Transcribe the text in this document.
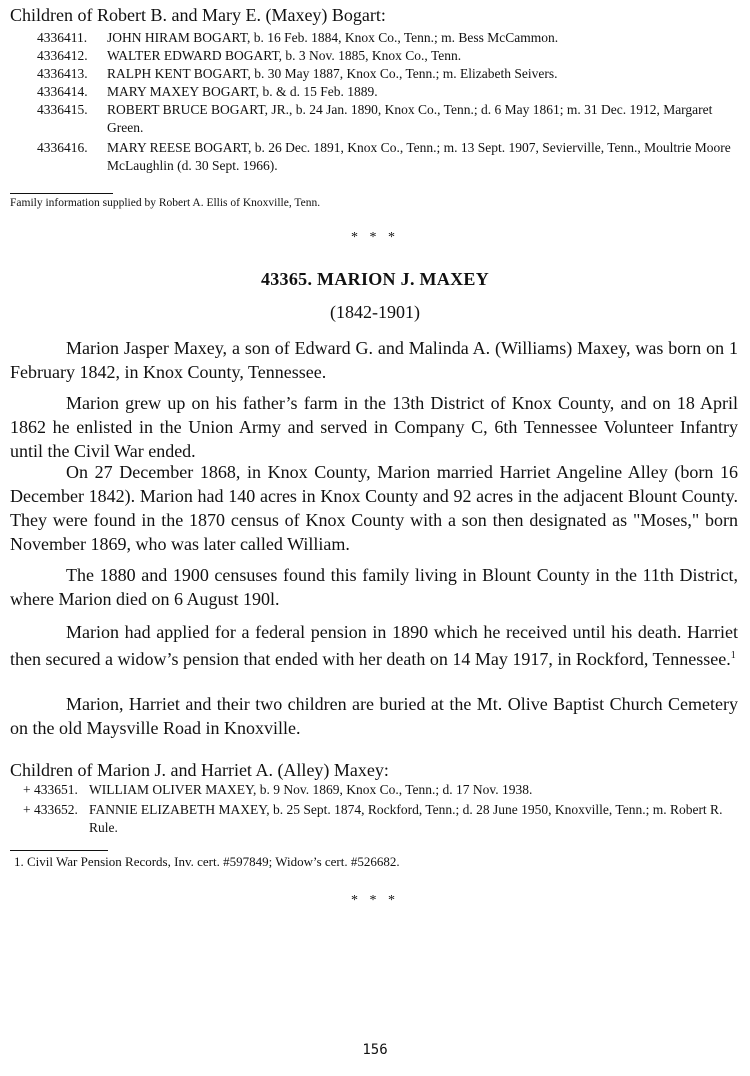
Children of Robert B. and Mary E. (Maxey) Bogart:
4336411. JOHN HIRAM BOGART, b. 16 Feb. 1884, Knox Co., Tenn.; m. Bess McCammon.
4336412. WALTER EDWARD BOGART, b. 3 Nov. 1885, Knox Co., Tenn.
4336413. RALPH KENT BOGART, b. 30 May 1887, Knox Co., Tenn.; m. Elizabeth Seivers.
4336414. MARY MAXEY BOGART, b. & d. 15 Feb. 1889.
4336415. ROBERT BRUCE BOGART, JR., b. 24 Jan. 1890, Knox Co., Tenn.; d. 6 May 1861; m. 31 Dec. 1912, Margaret Green.
4336416. MARY REESE BOGART, b. 26 Dec. 1891, Knox Co., Tenn.; m. 13 Sept. 1907, Sevierville, Tenn., Moultrie Moore McLaughlin (d. 30 Sept. 1966).
Family information supplied by Robert A. Ellis of Knoxville, Tenn.
* * *
43365. MARION J. MAXEY
(1842-1901)
Marion Jasper Maxey, a son of Edward G. and Malinda A. (Williams) Maxey, was born on 1 February 1842, in Knox County, Tennessee.
Marion grew up on his father’s farm in the 13th District of Knox County, and on 18 April 1862 he enlisted in the Union Army and served in Company C, 6th Tennessee Volunteer Infantry until the Civil War ended.
On 27 December 1868, in Knox County, Marion married Harriet Angeline Alley (born 16 December 1842). Marion had 140 acres in Knox County and 92 acres in the adjacent Blount County. They were found in the 1870 census of Knox County with a son then designated as "Moses," born November 1869, who was later called William.
The 1880 and 1900 censuses found this family living in Blount County in the 11th District, where Marion died on 6 August 190l.
Marion had applied for a federal pension in 1890 which he received until his death. Harriet then secured a widow’s pension that ended with her death on 14 May 1917, in Rockford, Tennessee.$^1$
Marion, Harriet and their two children are buried at the Mt. Olive Baptist Church Cemetery on the old Maysville Road in Knoxville.
Children of Marion J. and Harriet A. (Alley) Maxey:
+ 433651. WILLIAM OLIVER MAXEY, b. 9 Nov. 1869, Knox Co., Tenn.; d. 17 Nov. 1938.
+ 433652. FANNIE ELIZABETH MAXEY, b. 25 Sept. 1874, Rockford, Tenn.; d. 28 June 1950, Knoxville, Tenn.; m. Robert R. Rule.
1. Civil War Pension Records, Inv. cert. #597849; Widow’s cert. #526682.
* * *
156
